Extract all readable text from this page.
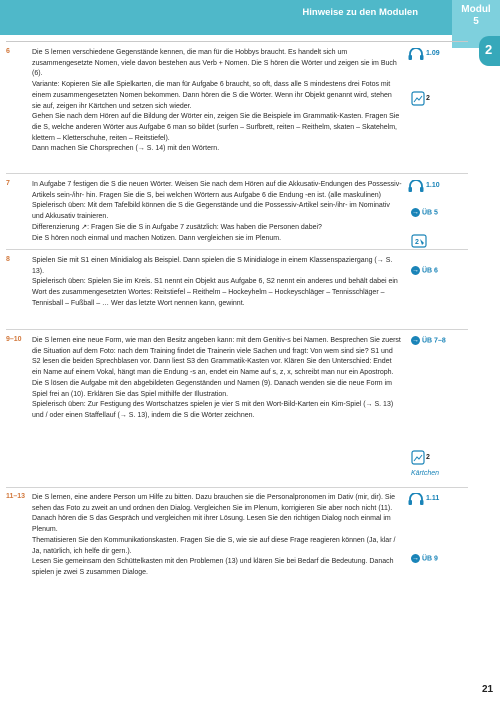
Hinweise zu den Modulen	Modul
5
2
6	Die S lernen verschiedene Gegenstände kennen, die man für die Hobbys braucht. Es handelt sich um zusammengesetzte Nomen, viele davon bestehen aus Verb + Nomen. Die S hören die Wörter und zeigen sie im Buch (6).

Variante: Kopieren Sie alle Spielkarten, die man für Aufgabe 6 braucht, so oft, dass alle S mindestens drei Fotos mit einem zusammengesetzten Nomen bekommen. Dann hören die S die Wörter. Wenn ihr Objekt genannt wird, stehen sie auf, zeigen ihr Kärtchen und setzen sich wieder.

Gehen Sie nach dem Hören auf die Bildung der Wörter ein, zeigen Sie die Beispiele im Grammatik-Kasten. Fragen Sie die S, welche anderen Wörter aus Aufgabe 6 man so bildet (surfen – Surfbrett, reiten – Reithelm, skaten – Skatehelm, klettern – Kletterschuhe, reiten – Reitstiefel).

Dann machen Sie Chorsprechen (→ S. 14) mit den Wörtern.

1.09
2
7	In Aufgabe 7 festigen die S die neuen Wörter. Weisen Sie nach dem Hören auf die Akkusativ-Endungen des Possessiv-Artikels sein-/ihr- hin. Fragen Sie die S, bei welchen Wörtern aus Aufgabe 6 die Endung -en ist. (alle maskulinen)

Spielerisch üben: Mit dem Tafelbild können die S die Gegenstände und die Possessiv-Artikel sein-/ihr- im Nominativ und Akkusativ trainieren.

Differenzierung ↗: Fragen Sie die S in Aufgabe 7 zusätzlich: Was haben die Personen dabei?

Die S hören noch einmal und machen Notizen. Dann vergleichen sie im Plenum.

1.10
→ ÜB 5
2
8	Spielen Sie mit S1 einen Minidialog als Beispiel. Dann spielen die S Minidialoge in einem Klassenspaziergang (→ S. 13).

Spielerisch üben: Spielen Sie im Kreis. S1 nennt ein Objekt aus Aufgabe 6, S2 nennt ein anderes und behält dabei ein Wort des zusammengesetzten Wortes: Reitstiefel – Reithelm – Hockeyhelm – Hockeyschläger – Tennisschläger – Tennisball – Fußball – … Wer das letzte Wort nennen kann, gewinnt.

→ ÜB 6
9–10 Die S lernen eine neue Form, wie man den Besitz angeben kann: mit dem Genitiv-s bei Namen. Besprechen Sie zuerst die Situation auf dem Foto: nach dem Training findet die Trainerin viele Sachen und fragt: Von wem sind sie? S1 und S2 lesen die beiden Sprechblasen vor. Dann liest S3 den Grammatik-Kasten vor. Klären Sie den Unterschied: Endet ein Name auf einem Vokal, hängt man die Endung -s an, endet ein Name auf s, z, x, schreibt man nur ein Apostroph.

Die S lösen die Aufgabe mit den abgebildeten Gegenständen und Namen (9). Danach wenden sie die neue Form im Spiel frei an (10). Erklären Sie das Spiel mithilfe der Illustration.

Spielerisch üben: Zur Festigung des Wortschatzes spielen je vier S mit den Wort-Bild-Karten ein Kim-Spiel (→ S. 13) und / oder einen Staffellauf (→ S. 13), indem die S die Wörter zeichnen.

→ ÜB 7–8
2
Kärtchen
11–13 Die S lernen, eine andere Person um Hilfe zu bitten. Dazu brauchen sie die Personalpronomen im Dativ (mir, dir). Sie sehen das Foto zu zweit an und ordnen den Dialog. Vergleichen Sie im Plenum, korrigieren Sie aber noch nicht (11). Danach hören die S das Gespräch und vergleichen mit ihrer Lösung. Lesen Sie den richtigen Dialog noch einmal im Plenum.

Thematisieren Sie den Kommunikationskasten. Fragen Sie die S, wie sie auf diese Frage reagieren können (Ja, klar / Ja, natürlich, ich helfe dir gern.).

Lesen Sie gemeinsam den Schüttelkasten mit den Problemen (13) und klären Sie bei Bedarf die Bedeutung. Danach spielen je zwei S zusammen Dialoge.

1.11
→ ÜB 9
21
